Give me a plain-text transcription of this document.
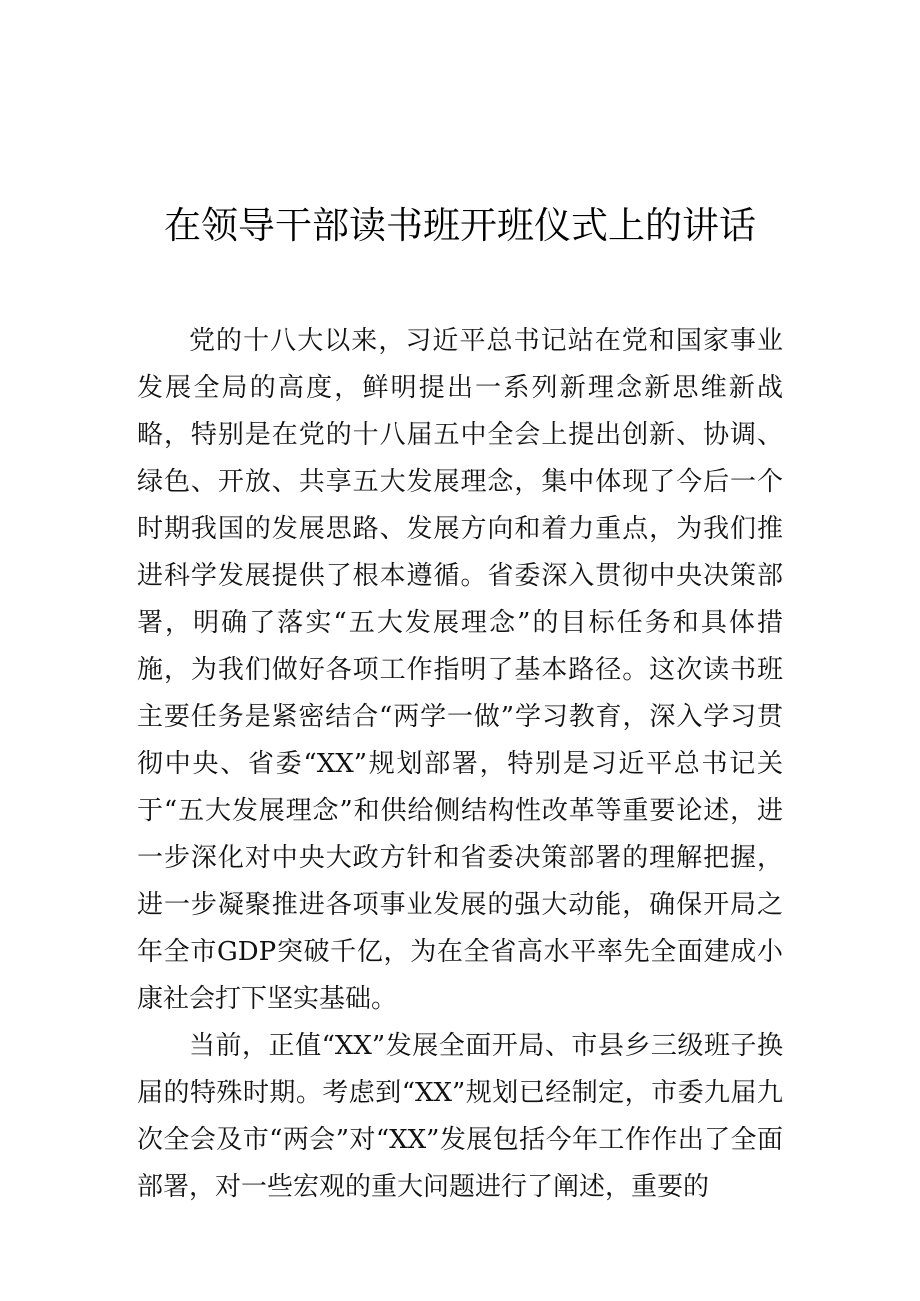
在领导干部读书班开班仪式上的讲话

党的十八大以来，习近平总书记站在党和国家事业发展全局的高度，鲜明提出一系列新理念新思维新战略，特别是在党的十八届五中全会上提出创新、协调、绿色、开放、共享五大发展理念，集中体现了今后一个时期我国的发展思路、发展方向和着力重点，为我们推进科学发展提供了根本遵循。省委深入贯彻中央决策部署，明确了落实“五大发展理念”的目标任务和具体措施，为我们做好各项工作指明了基本路径。这次读书班主要任务是紧密结合“两学一做”学习教育，深入学习贯彻中央、省委“XX”规划部署，特别是习近平总书记关于“五大发展理念”和供给侧结构性改革等重要论述，进一步深化对中央大政方针和省委决策部署的理解把握，进一步凝聚推进各项事业发展的强大动能，确保开局之年全市GDP突破千亿，为在全省高水平率先全面建成小康社会打下坚实基础。

当前，正值“XX”发展全面开局、市县乡三级班子换届的特殊时期。考虑到“XX”规划已经制定，市委九届九次全会及市“两会”对“XX”发展包括今年工作作出了全面部署，对一些宏观的重大问题进行了阐述，重要的
